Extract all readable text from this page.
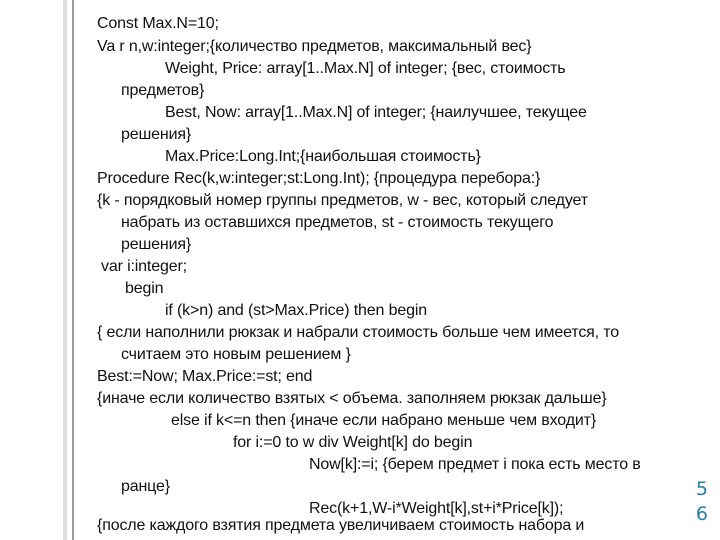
Const Max.N=10;
Va r n,w:integer;{количество предметов, максимальный вес}
Weight, Price: array[1..Max.N] of integer; {вес, стоимость
предметов}
Best, Now: array[1..Max.N] of integer; {наилучшее, текущее
решения}
Max.Price:Long.Int;{наибольшая стоимость}
Procedure Rec(k,w:integer;st:Long.Int); {процедура перебора:}
{k - порядковый номер группы предметов, w - вес, который следует
набрать из оставшихся предметов, st - стоимость текущего
решения}
var i:integer;
begin
if (k>n) and (st>Max.Price) then begin
{ если наполнили рюкзак и набрали стоимость больше чем имеется, то
считаем это новым решением }
Best:=Now; Max.Price:=st; end
{иначе если количество взятых < объема. заполняем рюкзак дальше}
else if k<=n then {иначе если набрано меньше чем входит}
for i:=0 to w div Weight[k] do begin
Now[k]:=i; {берем предмет i пока есть место в
ранце}
Rec(k+1,W-i*Weight[k],st+i*Price[k]);
{после каждого взятия предмета увеличиваем стоимость набора и
5
6
